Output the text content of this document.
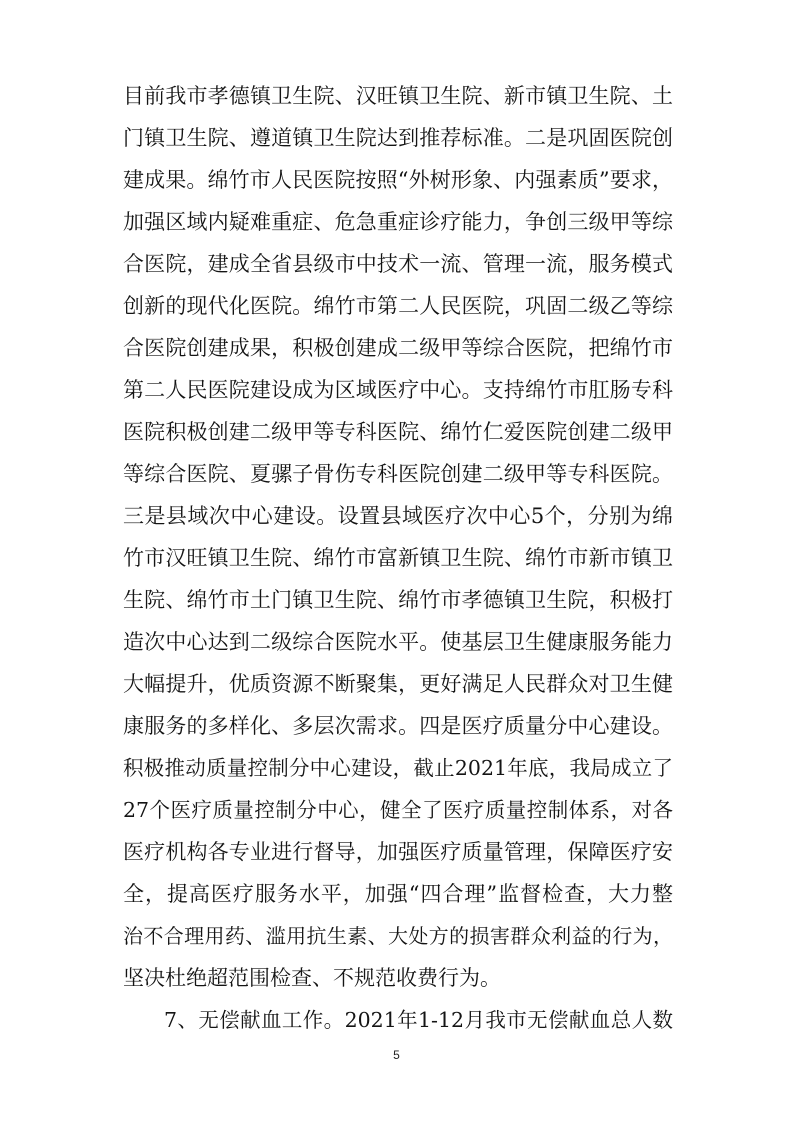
目前我市孝德镇卫生院、汉旺镇卫生院、新市镇卫生院、土
门镇卫生院、遵道镇卫生院达到推荐标准。二是巩固医院创
建成果。绵竹市人民医院按照“外树形象、内强素质”要求，
加强区域内疑难重症、危急重症诊疗能力，争创三级甲等综
合医院，建成全省县级市中技术一流、管理一流，服务模式
创新的现代化医院。绵竹市第二人民医院，巩固二级乙等综
合医院创建成果，积极创建成二级甲等综合医院，把绵竹市
第二人民医院建设成为区域医疗中心。支持绵竹市肛肠专科
医院积极创建二级甲等专科医院、绵竹仁爱医院创建二级甲
等综合医院、夏骡子骨伤专科医院创建二级甲等专科医院。
三是县域次中心建设。设置县域医疗次中心5个，分别为绵
竹市汉旺镇卫生院、绵竹市富新镇卫生院、绵竹市新市镇卫
生院、绵竹市土门镇卫生院、绵竹市孝德镇卫生院，积极打
造次中心达到二级综合医院水平。使基层卫生健康服务能力
大幅提升，优质资源不断聚集，更好满足人民群众对卫生健
康服务的多样化、多层次需求。四是医疗质量分中心建设。
积极推动质量控制分中心建设，截止2021年底，我局成立了
27个医疗质量控制分中心，健全了医疗质量控制体系，对各
医疗机构各专业进行督导，加强医疗质量管理，保障医疗安
全，提高医疗服务水平，加强“四合理”监督检查，大力整
治不合理用药、滥用抗生素、大处方的损害群众利益的行为，
坚决杜绝超范围检查、不规范收费行为。
7、无偿献血工作。2021年1-12月我市无偿献血总人数
5
